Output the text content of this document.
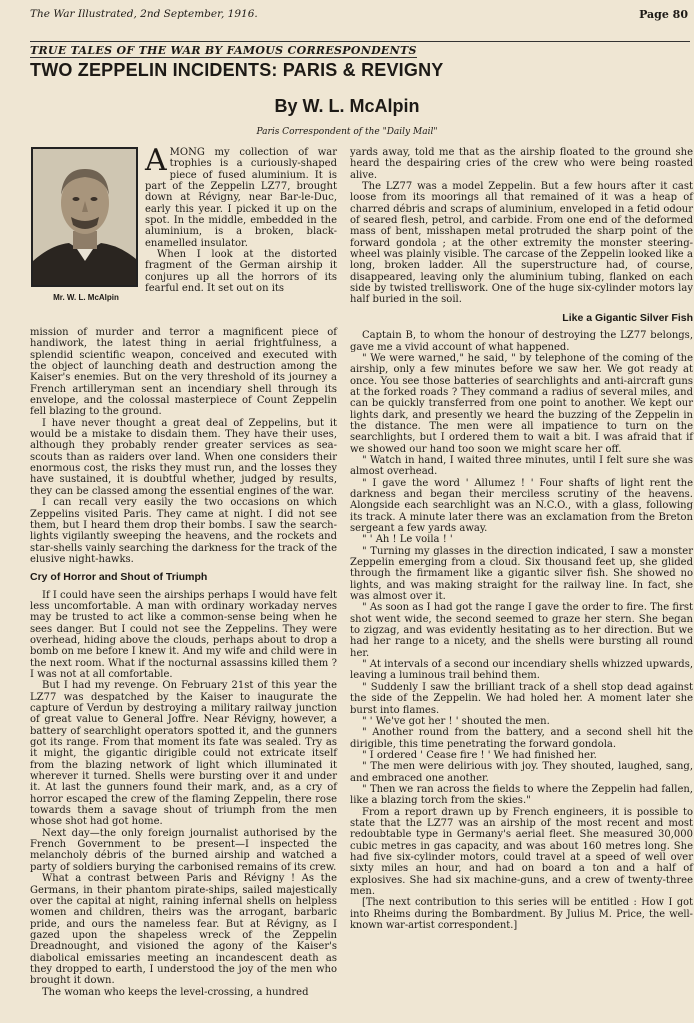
The War Illustrated, 2nd September, 1916.	Page 80
TRUE TALES OF THE WAR BY FAMOUS CORRESPONDENTS
TWO ZEPPELIN INCIDENTS: PARIS & REVIGNY
By W. L. McAlpin
Paris Correspondent of the "Daily Mail"
Mr. W. L. McAlpin

AMONG my collection of war trophies is a curiously-shaped piece of fused aluminium. It is part of the Zeppelin LZ77, brought down at Révigny, near Bar-le-Duc, early this year. I picked it up on the spot. In the middle, embedded in the aluminium, is a broken, black-enamelled insulator.

When I look at the distorted fragment of the German airship it conjures up all the horrors of its fearful end. It set out on its

mission of murder and terror a magnificent piece of handiwork, the latest thing in aerial frightfulness, a splendid scientific weapon, conceived and executed with the object of launching death and destruction among the Kaiser's enemies. But on the very threshold of its journey a French artilleryman sent an incendiary shell through its envelope, and the colossal masterpiece of Count Zeppelin fell blazing to the ground.

I have never thought a great deal of Zeppelins, but it would be a mistake to disdain them. They have their uses, although they probably render greater services as sea-scouts than as raiders over land. When one considers their enormous cost, the risks they must run, and the losses they have sustained, it is doubtful whether, judged by results, they can be classed among the essential engines of the war.

I can recall very easily the two occasions on which Zeppelins visited Paris. They came at night. I did not see them, but I heard them drop their bombs. I saw the search-lights vigilantly sweeping the heavens, and the rockets and star-shells vainly searching the darkness for the track of the elusive night-hawks.

Cry of Horror and Shout of Triumph

If I could have seen the airships perhaps I would have felt less uncomfortable. A man with ordinary workaday nerves may be trusted to act like a common-sense being when he sees danger. But I could not see the Zeppelins. They were overhead, hiding above the clouds, perhaps about to drop a bomb on me before I knew it. And my wife and child were in the next room. What if the nocturnal assassins killed them ? I was not at all comfortable.

But I had my revenge. On February 21st of this year the LZ77 was despatched by the Kaiser to inaugurate the capture of Verdun by destroying a military railway junction of great value to General Joffre. Near Révigny, however, a battery of searchlight operators spotted it, and the gunners got its range. From that moment its fate was sealed. Try as it might, the gigantic dirigible could not extricate itself from the blazing network of light which illuminated it wherever it turned. Shells were bursting over it and under it. At last the gunners found their mark, and, as a cry of horror escaped the crew of the flaming Zeppelin, there rose towards them a savage shout of triumph from the men whose shot had got home.

Next day—the only foreign journalist authorised by the French Government to be present—I inspected the melancholy débris of the burned airship and watched a party of soldiers burying the carbonised remains of its crew.

What a contrast between Paris and Révigny ! As the Germans, in their phantom pirate-ships, sailed majestically over the capital at night, raining infernal shells on helpless women and children, theirs was the arrogant, barbaric pride, and ours the nameless fear. But at Révigny, as I gazed upon the shapeless wreck of the Zeppelin Dreadnought, and visioned the agony of the Kaiser's diabolical emissaries meeting an incandescent death as they dropped to earth, I understood the joy of the men who brought it down.

The woman who keeps the level-crossing, a hundred

yards away, told me that as the airship floated to the ground she heard the despairing cries of the crew who were being roasted alive.

The LZ77 was a model Zeppelin. But a few hours after it cast loose from its moorings all that remained of it was a heap of charred débris and scraps of aluminium, enveloped in a fetid odour of seared flesh, petrol, and carbide. From one end of the deformed mass of bent, misshapen metal protruded the sharp point of the forward gondola ; at the other extremity the monster steering-wheel was plainly visible. The carcase of the Zeppelin looked like a long, broken ladder. All the superstructure had, of course, disappeared, leaving only the aluminium tubing, flanked on each side by twisted trelliswork. One of the huge six-cylinder motors lay half buried in the soil.

Like a Gigantic Silver Fish

Captain B, to whom the honour of destroying the LZ77 belongs, gave me a vivid account of what happened.

" We were warned," he said, " by telephone of the coming of the airship, only a few minutes before we saw her. We got ready at once. You see those batteries of searchlights and anti-aircraft guns at the forked roads ? They command a radius of several miles, and can be quickly transferred from one point to another. We kept our lights dark, and presently we heard the buzzing of the Zeppelin in the distance. The men were all impatience to turn on the searchlights, but I ordered them to wait a bit. I was afraid that if we showed our hand too soon we might scare her off.

" Watch in hand, I waited three minutes, until I felt sure she was almost overhead.

" I gave the word ' Allumez ! ' Four shafts of light rent the darkness and began their merciless scrutiny of the heavens. Alongside each searchlight was an N.C.O., with a glass, following its track. A minute later there was an exclamation from the Breton sergeant a few yards away.

" ' Ah ! Le voila ! '

" Turning my glasses in the direction indicated, I saw a monster Zeppelin emerging from a cloud. Six thousand feet up, she glided through the firmament like a gigantic silver fish. She showed no lights, and was making straight for the railway line. In fact, she was almost over it.

" As soon as I had got the range I gave the order to fire. The first shot went wide, the second seemed to graze her stern. She began to zigzag, and was evidently hesitating as to her direction. But we had her range to a nicety, and the shells were bursting all round her.

" At intervals of a second our incendiary shells whizzed upwards, leaving a luminous trail behind them.

" Suddenly I saw the brilliant track of a shell stop dead against the side of the Zeppelin. We had holed her. A moment later she burst into flames.

" ' We've got her ! ' shouted the men.

" Another round from the battery, and a second shell hit the dirigible, this time penetrating the forward gondola.

" I ordered ' Cease fire ! ' We had finished her.

" The men were delirious with joy. They shouted, laughed, sang, and embraced one another.

" Then we ran across the fields to where the Zeppelin had fallen, like a blazing torch from the skies."

From a report drawn up by French engineers, it is possible to state that the LZ77 was an airship of the most recent and most redoubtable type in Germany's aerial fleet. She measured 30,000 cubic metres in gas capacity, and was about 160 metres long. She had five six-cylinder motors, could travel at a speed of well over sixty miles an hour, and had on board a ton and a half of explosives. She had six machine-guns, and a crew of twenty-three men.

[The next contribution to this series will be entitled : How I got into Rheims during the Bombardment. By Julius M. Price, the well-known war-artist correspondent.]
